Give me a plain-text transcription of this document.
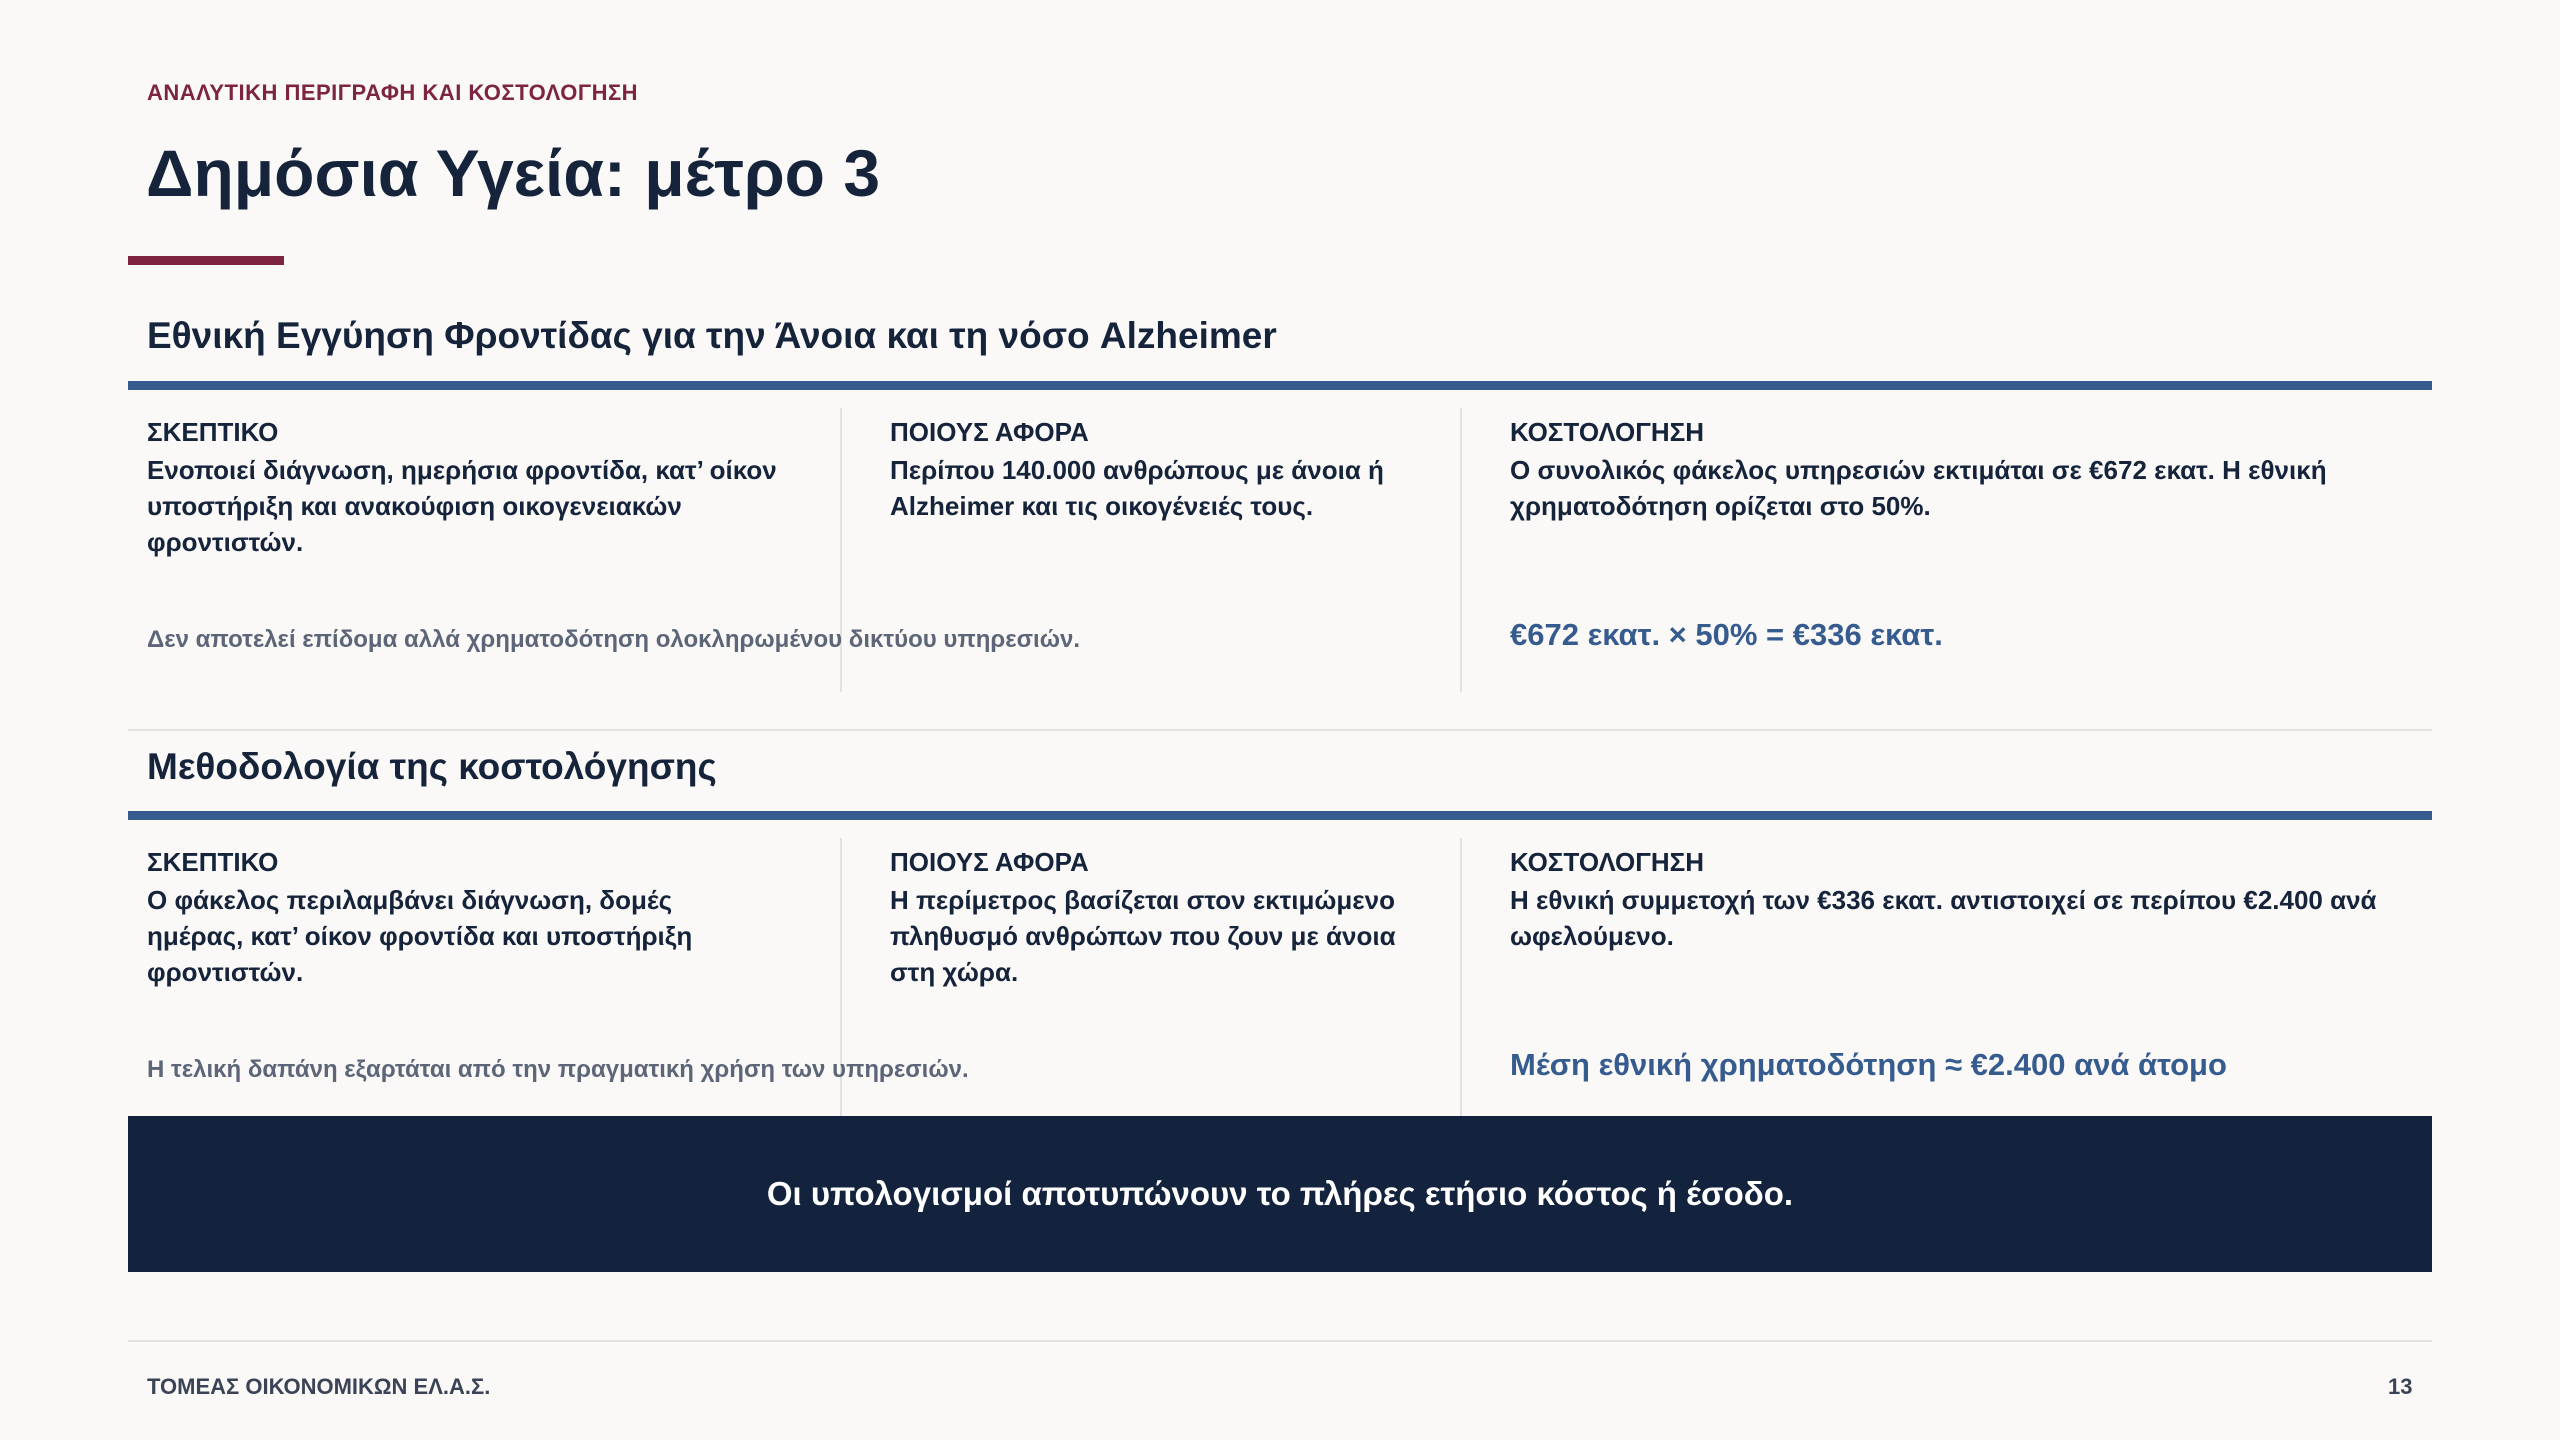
ΑΝΑΛΥΤΙΚΗ ΠΕΡΙΓΡΑΦΗ ΚΑΙ ΚΟΣΤΟΛΟΓΗΣΗ
Δημόσια Υγεία: μέτρο 3
Εθνική Εγγύηση Φροντίδας για την Άνοια και τη νόσο Alzheimer
ΣΚΕΠΤΙΚΟ
Ενοποιεί διάγνωση, ημερήσια φροντίδα, κατ’ οίκον υποστήριξη και ανακούφιση οικογενειακών φροντιστών.
Δεν αποτελεί επίδομα αλλά χρηματοδότηση ολοκληρωμένου δικτύου υπηρεσιών.
ΠΟΙΟΥΣ ΑΦΟΡΑ
Περίπου 140.000 ανθρώπους με άνοια ή Alzheimer και τις οικογένειές τους.
ΚΟΣΤΟΛΟΓΗΣΗ
Ο συνολικός φάκελος υπηρεσιών εκτιμάται σε €672 εκατ. Η εθνική χρηματοδότηση ορίζεται στο 50%.
€672 εκατ. × 50% = €336 εκατ.
Μεθοδολογία της κοστολόγησης
ΣΚΕΠΤΙΚΟ
Ο φάκελος περιλαμβάνει διάγνωση, δομές ημέρας, κατ’ οίκον φροντίδα και υποστήριξη φροντιστών.
Η τελική δαπάνη εξαρτάται από την πραγματική χρήση των υπηρεσιών.
ΠΟΙΟΥΣ ΑΦΟΡΑ
Η περίμετρος βασίζεται στον εκτιμώμενο πληθυσμό ανθρώπων που ζουν με άνοια στη χώρα.
ΚΟΣΤΟΛΟΓΗΣΗ
Η εθνική συμμετοχή των €336 εκατ. αντιστοιχεί σε περίπου €2.400 ανά ωφελούμενο.
Μέση εθνική χρηματοδότηση ≈ €2.400 ανά άτομο
Οι υπολογισμοί αποτυπώνουν το πλήρες ετήσιο κόστος ή έσοδο.
ΤΟΜΕΑΣ ΟΙΚΟΝΟΜΙΚΩΝ ΕΛ.Α.Σ.	13
